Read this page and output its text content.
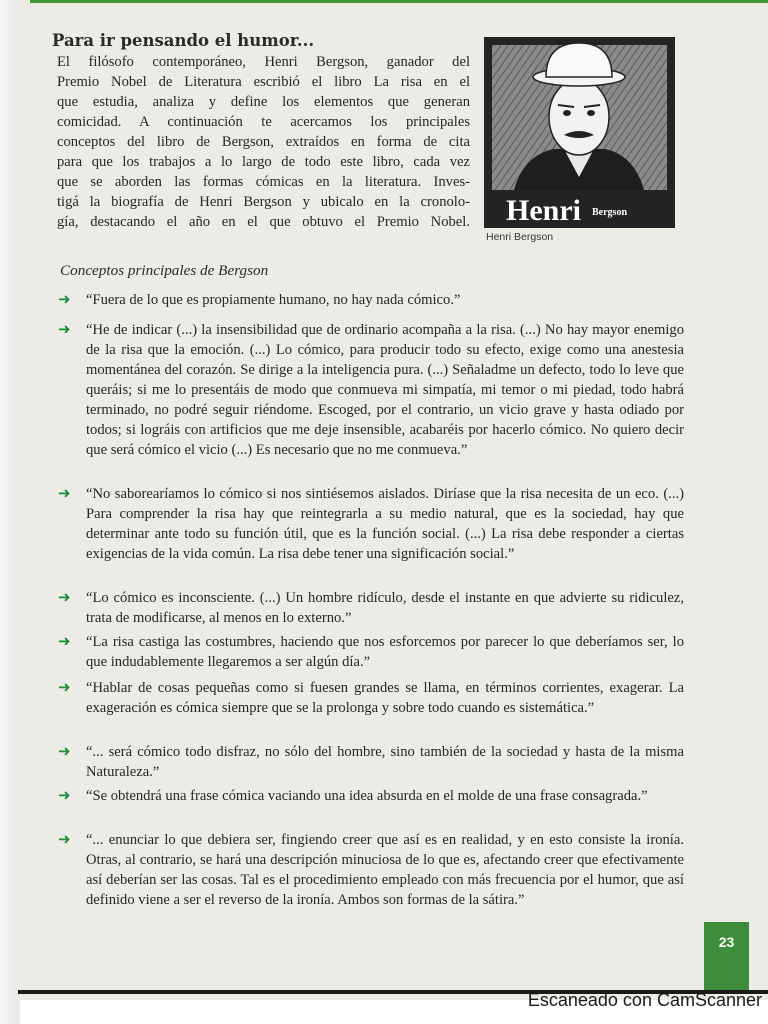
Para ir pensando el humor...

El filósofo contemporáneo, Henri Bergson, ganador del
Premio Nobel de Literatura escribió el libro La risa en el
que estudia, analiza y define los elementos que generan
comicidad. A continuación te acercamos los principales
conceptos del libro de Bergson, extraídos en forma de cita
para que los trabajos a lo largo de todo este libro, cada vez
que se aborden las formas cómicas en la literatura. Inves-
tigá la biografía de Henri Bergson y ubicalo en la cronolo-
gía, destacando el año en el que obtuvo el Premio Nobel. Henri Bergson

Henri Bergson

Conceptos principales de Bergson

➜ “Fuera de lo que es propiamente humano, no hay nada cómico.”
➜ “He de indicar (...) la insensibilidad que de ordinario acompaña a la risa. (...) No hay mayor enemigo de la risa que la emoción. (...) Lo cómico, para producir todo su efecto, exige como una anestesia momentánea del corazón. Se dirige a la inteligencia pura. (...) Señaladme un defecto, todo lo leve que queráis; si me lo presentáis de modo que conmueva mi simpatía, mi temor o mi piedad, todo habrá terminado, no podré seguir riéndome. Escoged, por el contrario, un vicio grave y hasta odiado por todos; si lográis con artificios que me deje insensible, acabaréis por hacerlo cómico. No quiero decir que será cómico el vicio (...) Es necesario que no me conmueva.”
➜ “No saborearíamos lo cómico si nos sintiésemos aislados. Diríase que la risa necesita de un eco. (...) Para comprender la risa hay que reintegrarla a su medio natural, que es la sociedad, hay que determinar ante todo su función útil, que es la función social. (...) La risa debe responder a ciertas exigencias de la vida común. La risa debe tener una significación social.”
➜ “Lo cómico es inconsciente. (...) Un hombre ridículo, desde el instante en que advierte su ridiculez, trata de modificarse, al menos en lo externo.”
➜ “La risa castiga las costumbres, haciendo que nos esforcemos por parecer lo que deberíamos ser, lo que indudablemente llegaremos a ser algún día.”
➜ “Hablar de cosas pequeñas como si fuesen grandes se llama, en términos corrientes, exagerar. La exageración es cómica siempre que se la prolonga y sobre todo cuando es sistemática.”
➜ “... será cómico todo disfraz, no sólo del hombre, sino también de la sociedad y hasta de la misma Naturaleza.”
➜ “Se obtendrá una frase cómica vaciando una idea absurda en el molde de una frase consagrada.”
➜ “... enunciar lo que debiera ser, fingiendo creer que así es en realidad, y en esto consiste la ironía. Otras, al contrario, se hará una descripción minuciosa de lo que es, afectando creer que efectivamente así deberían ser las cosas. Tal es el procedimiento empleado con más frecuencia por el humor, que así definido viene a ser el reverso de la ironía. Ambos son formas de la sátira.”
23

Escaneado con CamScanner
